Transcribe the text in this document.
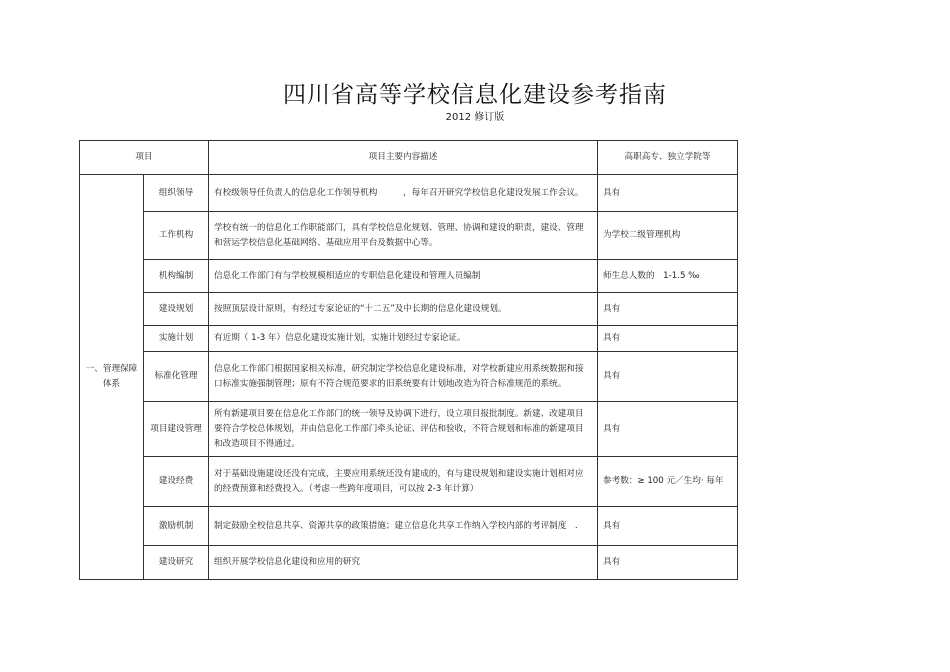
四川省高等学校信息化建设参考指南
2012 修订版
项目		项目主要内容描述	高职高专、独立学院等
一、管理保障体系	组织领导	有校级领导任负责人的信息化工作领导机构　　　，每年召开研究学校信息化建设发展工作会议。	具有
	工作机构	学校有统一的信息化工作职能部门，具有学校信息化规划、管理、协调和建设的职责，建设、管理和营运学校信息化基础网络、基础应用平台及数据中心等。	为学校二级管理机构
	机构编制	信息化工作部门有与学校规模相适应的专职信息化建设和管理人员编制	师生总人数的　1-1.5 ‰
	建设规划	按照顶层设计原则，有经过专家论证的“十二五”及中长期的信息化建设规划。	具有
	实施计划	有近期（ 1-3 年）信息化建设实施计划，实施计划经过专家论证。	具有
	标准化管理	信息化工作部门根据国家相关标准，研究制定学校信息化建设标准，对学校新建应用系统数据和接口标准实施强制管理；原有不符合规范要求的旧系统要有计划地改造为符合标准规范的系统。	具有
	项目建设管理	所有新建项目要在信息化工作部门的统一领导及协调下进行，设立项目报批制度。新建、改建项目要符合学校总体规划，并由信息化工作部门牵头论证、评估和验收，不符合规划和标准的新建项目和改造项目不得通过。	具有
	建设经费	对于基础设施建设还没有完成，主要应用系统还没有建成的，有与建设规划和建设实施计划相对应的经费预算和经费投入。（考虑一些跨年度项目，可以按 2-3 年计算）	参考数：≥ 100 元／生均· 每年
	激励机制	制定鼓励全校信息共享、资源共享的政策措施；建立信息化共享工作纳入学校内部的考评制度　．	具有
	建设研究	组织开展学校信息化建设和应用的研究	具有
